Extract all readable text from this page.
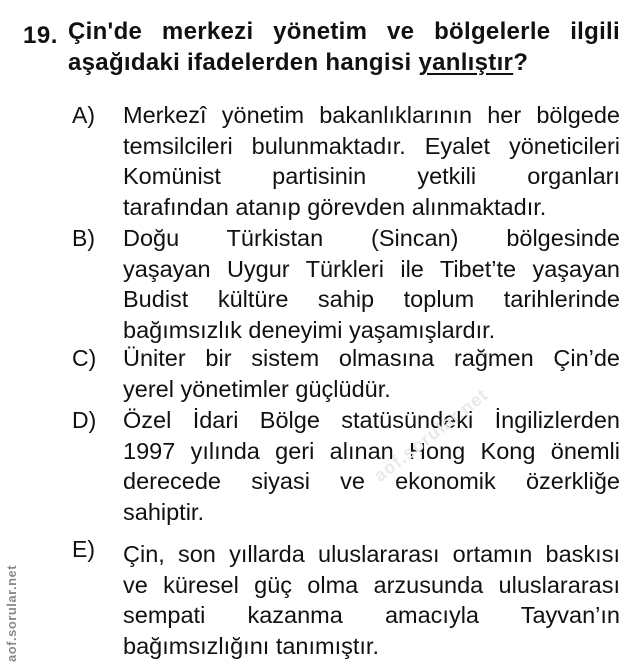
19. Çin'de merkezi yönetim ve bölgelerle ilgili
aşağıdaki ifadelerden hangisi yanlıştır?
A) Merkezî yönetim bakanlıklarının her bölgede
temsilcileri bulunmaktadır. Eyalet yöneticileri
Komünist partisinin yetkili organları
tarafından atanıp görevden alınmaktadır.
B) Doğu Türkistan (Sincan) bölgesinde
yaşayan Uygur Türkleri ile Tibet’te yaşayan
Budist kültüre sahip toplum tarihlerinde
bağımsızlık deneyimi yaşamışlardır.
C) Üniter bir sistem olmasına rağmen Çin’de
yerel yönetimler güçlüdür.
D) Özel İdari Bölge statüsündeki İngilizlerden
1997 yılında geri alınan Hong Kong önemli
derecede siyasi ve ekonomik özerkliğe
sahiptir.
E) Çin, son yıllarda uluslararası ortamın baskısı
ve küresel güç olma arzusunda uluslararası
sempati kazanma amacıyla Tayvan’ın
bağımsızlığını tanımıştır.
aof.sorular.net
aof.sorular.net
